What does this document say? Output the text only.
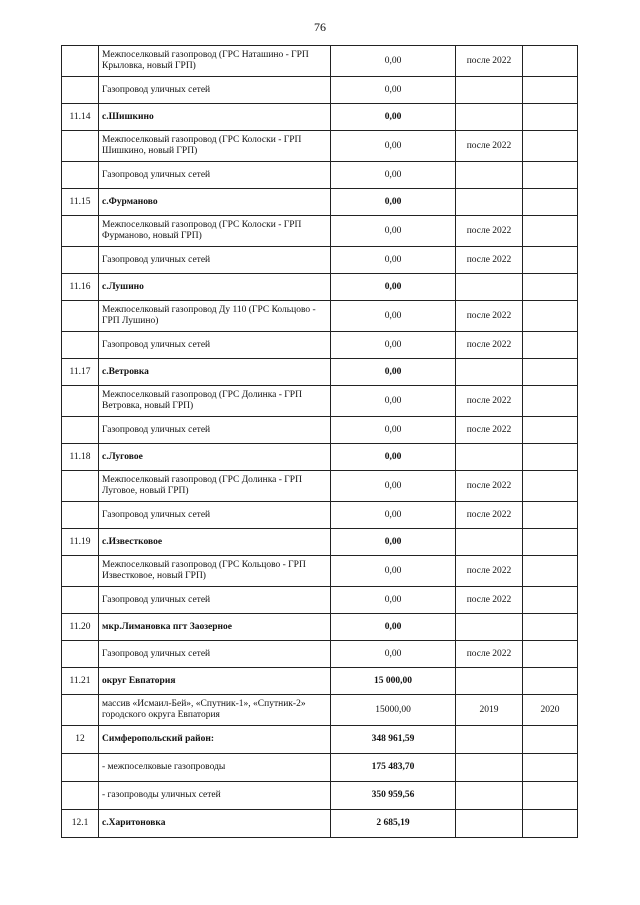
76
	Межпоселковый газопровод (ГРС Наташино - ГРП Крыловка, новый ГРП)	0,00	после 2022	
	Газопровод уличных сетей	0,00		
11.14	с.Шишкино	0,00		
	Межпоселковый газопровод (ГРС Колоски - ГРП Шишкино, новый ГРП)	0,00	после 2022	
	Газопровод уличных сетей	0,00		
11.15	с.Фурманово	0,00		
	Межпоселковый газопровод (ГРС Колоски - ГРП Фурманово, новый ГРП)	0,00	после 2022	
	Газопровод уличных сетей	0,00	после 2022	
11.16	с.Лушино	0,00		
	Межпоселковый газопровод Ду 110 (ГРС Кольцово - ГРП Лушино)	0,00	после 2022	
	Газопровод уличных сетей	0,00	после 2022	
11.17	с.Ветровка	0,00		
	Межпоселковый газопровод (ГРС Долинка - ГРП Ветровка, новый ГРП)	0,00	после 2022	
	Газопровод уличных сетей	0,00	после 2022	
11.18	с.Луговое	0,00		
	Межпоселковый газопровод (ГРС Долинка - ГРП Луговое, новый ГРП)	0,00	после 2022	
	Газопровод уличных сетей	0,00	после 2022	
11.19	с.Известковое	0,00		
	Межпоселковый газопровод (ГРС Кольцово - ГРП Известковое, новый ГРП)	0,00	после 2022	
	Газопровод уличных сетей	0,00	после 2022	
11.20	мкр.Лимановка пгт Заозерное	0,00		
	Газопровод уличных сетей	0,00	после 2022	
11.21	округ Евпатория	15 000,00		
	массив «Исмаил-Бей», «Спутник-1», «Спутник-2» городского округа Евпатория	15000,00	2019	2020
12	Симферопольский район:	348 961,59		
	- межпоселковые газопроводы	175 483,70		
	- газопроводы уличных сетей	350 959,56		
12.1	с.Харитоновка	2 685,19		
